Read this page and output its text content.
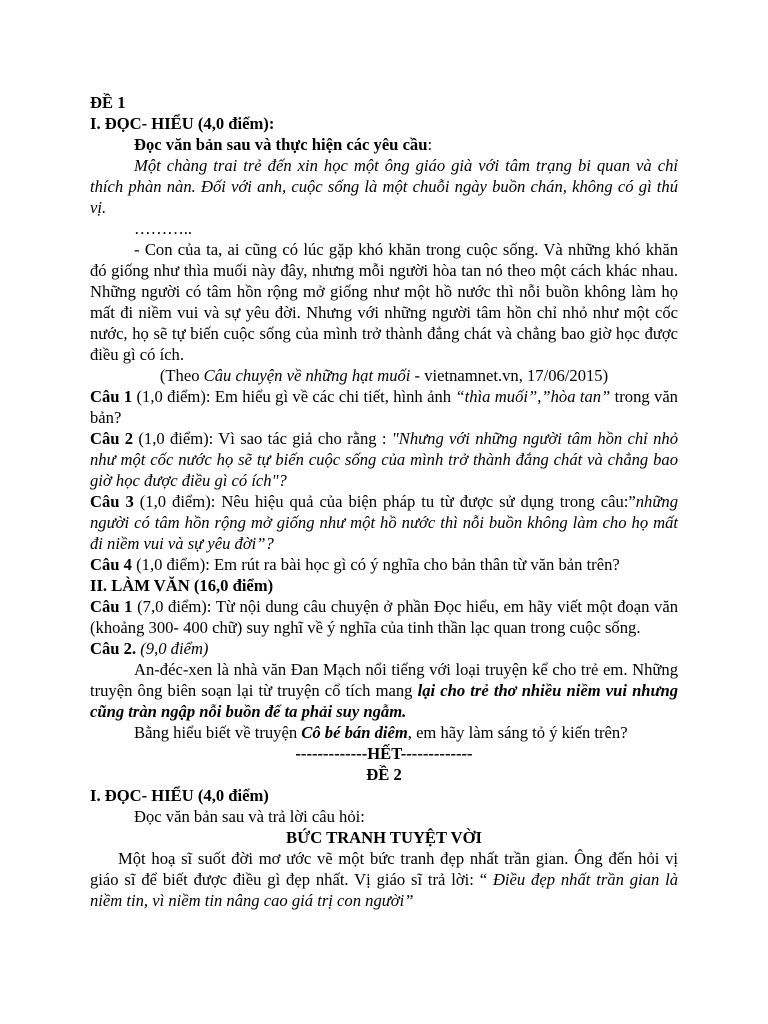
ĐỀ 1

I. ĐỌC- HIỂU (4,0 điểm):

Đọc văn bản sau và thực hiện các yêu cầu:

Một chàng trai trẻ đến xin học một ông giáo già với tâm trạng bi quan và chỉ thích phàn nàn. Đối với anh, cuộc sống là một chuỗi ngày buồn chán, không có gì thú vị.

………..

- Con của ta, ai cũng có lúc gặp khó khăn trong cuộc sống. Và những khó khăn đó giống như thìa muối này đây, nhưng mỗi người hòa tan nó theo một cách khác nhau. Những người có tâm hồn rộng mở giống như một hồ nước thì nỗi buồn không làm họ mất đi niềm vui và sự yêu đời. Nhưng với những người tâm hồn chỉ nhỏ như một cốc nước, họ sẽ tự biến cuộc sống của mình trở thành đắng chát và chẳng bao giờ học được điều gì có ích.

(Theo Câu chuyện về những hạt muối - vietnamnet.vn, 17/06/2015)

Câu 1 (1,0 điểm): Em hiểu gì về các chi tiết, hình ảnh “thìa muối”,”hòa tan” trong văn bản?

Câu 2 (1,0 điểm): Vì sao tác giả cho rằng : "Nhưng với những người tâm hồn chỉ nhỏ như một cốc nước họ sẽ tự biến cuộc sống của mình trở thành đắng chát và chẳng bao giờ học được điều gì có ích"?

Câu 3 (1,0 điểm): Nêu hiệu quả của biện pháp tu từ được sử dụng trong câu:”những người có tâm hồn rộng mở giống như một hồ nước thì nỗi buồn không làm cho họ mất đi niềm vui và sự yêu đời”?

Câu 4 (1,0 điểm): Em rút ra bài học gì có ý nghĩa cho bản thân từ văn bản trên?

II. LÀM VĂN (16,0 điểm)

Câu 1 (7,0 điểm): Từ nội dung câu chuyện ở phần Đọc hiểu, em hãy viết một đoạn văn (khoảng 300- 400 chữ) suy nghĩ về ý nghĩa của tinh thần lạc quan trong cuộc sống.

Câu 2. (9,0 điểm)

An-đéc-xen là nhà văn Đan Mạch nổi tiếng với loại truyện kể cho trẻ em. Những truyện ông biên soạn lại từ truyện cổ tích mang lại cho trẻ thơ nhiều niềm vui nhưng cũng tràn ngập nỗi buồn để ta phải suy ngẫm.

Bằng hiểu biết về truyện Cô bé bán diêm, em hãy làm sáng tỏ ý kiến trên?

-------------HẾT-------------

ĐỀ 2

I. ĐỌC- HIỂU (4,0 điểm)

Đọc văn bản sau và trả lời câu hỏi:

BỨC TRANH TUYỆT VỜI

Một hoạ sĩ suốt đời mơ ước vẽ một bức tranh đẹp nhất trần gian. Ông đến hỏi vị giáo sĩ để biết được điều gì đẹp nhất. Vị giáo sĩ trả lời: “ Điều đẹp nhất trần gian là niềm tin, vì niềm tin nâng cao giá trị con người”
